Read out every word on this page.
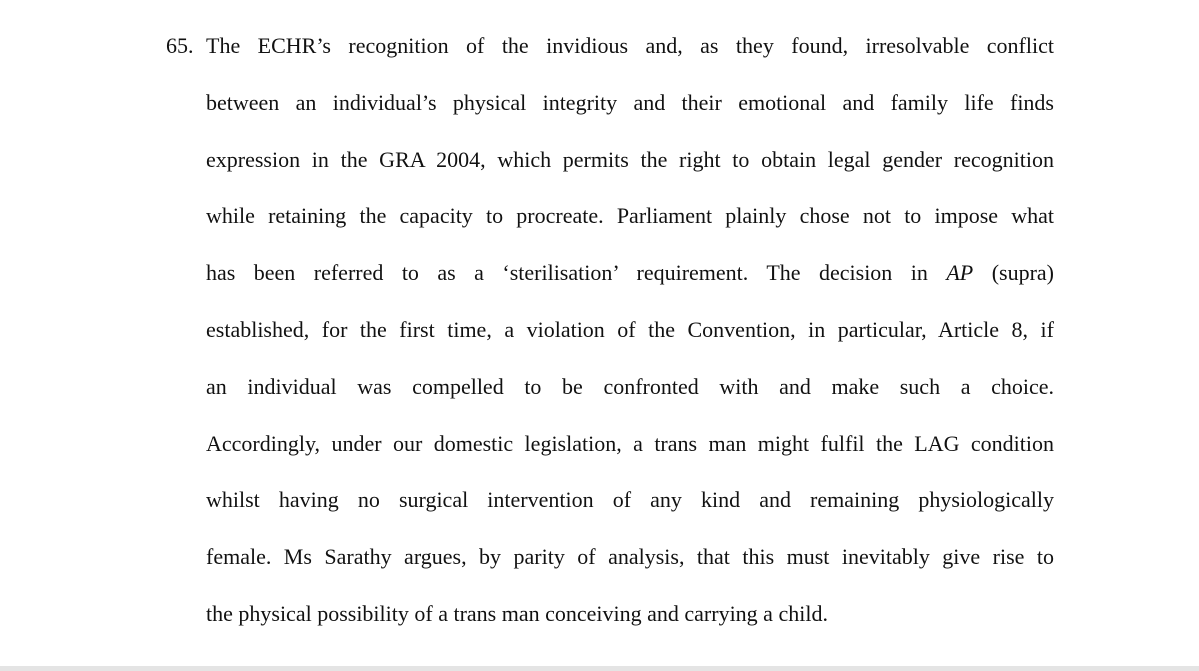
65. The ECHR’s recognition of the invidious and, as they found, irresolvable conflict
between an individual’s physical integrity and their emotional and family life finds
expression in the GRA 2004, which permits the right to obtain legal gender recognition
while retaining the capacity to procreate. Parliament plainly chose not to impose what
has been referred to as a ‘sterilisation’ requirement. The decision in AP (supra)
established, for the first time, a violation of the Convention, in particular, Article 8, if
an individual was compelled to be confronted with and make such a choice.
Accordingly, under our domestic legislation, a trans man might fulfil the LAG condition
whilst having no surgical intervention of any kind and remaining physiologically
female. Ms Sarathy argues, by parity of analysis, that this must inevitably give rise to
the physical possibility of a trans man conceiving and carrying a child.
